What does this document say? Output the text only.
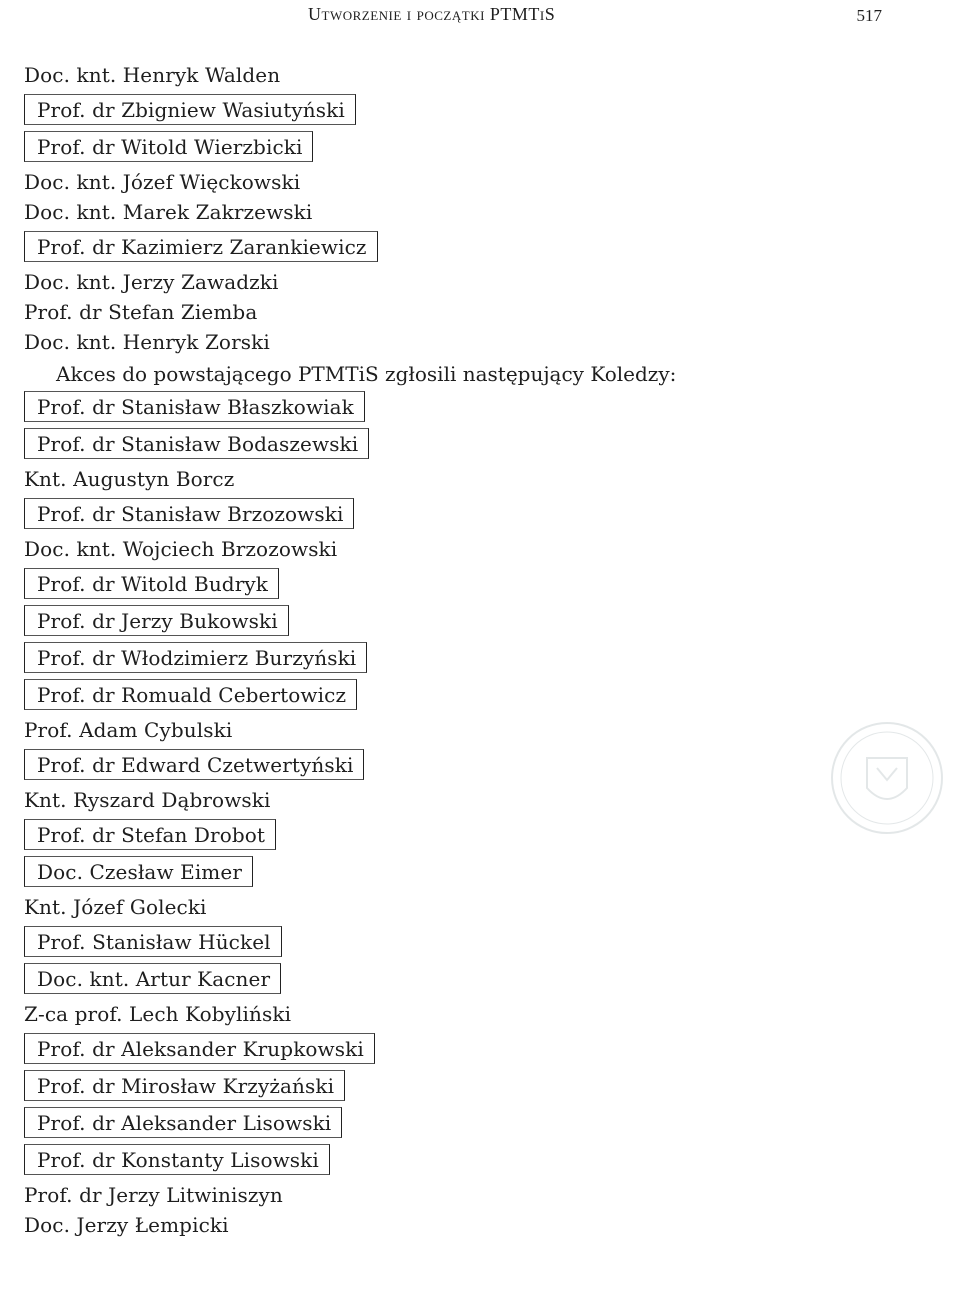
Utworzenie i początki PTMTiS	517
Doc. knt. Henryk Walden
Prof. dr Zbigniew Wasiutyński
Prof. dr Witold Wierzbicki
Doc. knt. Józef Więckowski
Doc. knt. Marek Zakrzewski
Prof. dr Kazimierz Zarankiewicz
Doc. knt. Jerzy Zawadzki
Prof. dr Stefan Ziemba
Doc. knt. Henryk Zorski
Akces do powstającego PTMTiS zgłosili następujący Koledzy:
Prof. dr Stanisław Błaszkowiak
Prof. dr Stanisław Bodaszewski
Knt. Augustyn Borcz
Prof. dr Stanisław Brzozowski
Doc. knt. Wojciech Brzozowski
Prof. dr Witold Budryk
Prof. dr Jerzy Bukowski
Prof. dr Włodzimierz Burzyński
Prof. dr Romuald Cebertowicz
Prof. Adam Cybulski
Prof. dr Edward Czetwertyński
Knt. Ryszard Dąbrowski
Prof. dr Stefan Drobot
Doc. Czesław Eimer
Knt. Józef Golecki
Prof. Stanisław Hückel
Doc. knt. Artur Kacner
Z-ca prof. Lech Kobyliński
Prof. dr Aleksander Krupkowski
Prof. dr Mirosław Krzyżański
Prof. dr Aleksander Lisowski
Prof. dr Konstanty Lisowski
Prof. dr Jerzy Litwiniszyn
Doc. Jerzy Łempicki
